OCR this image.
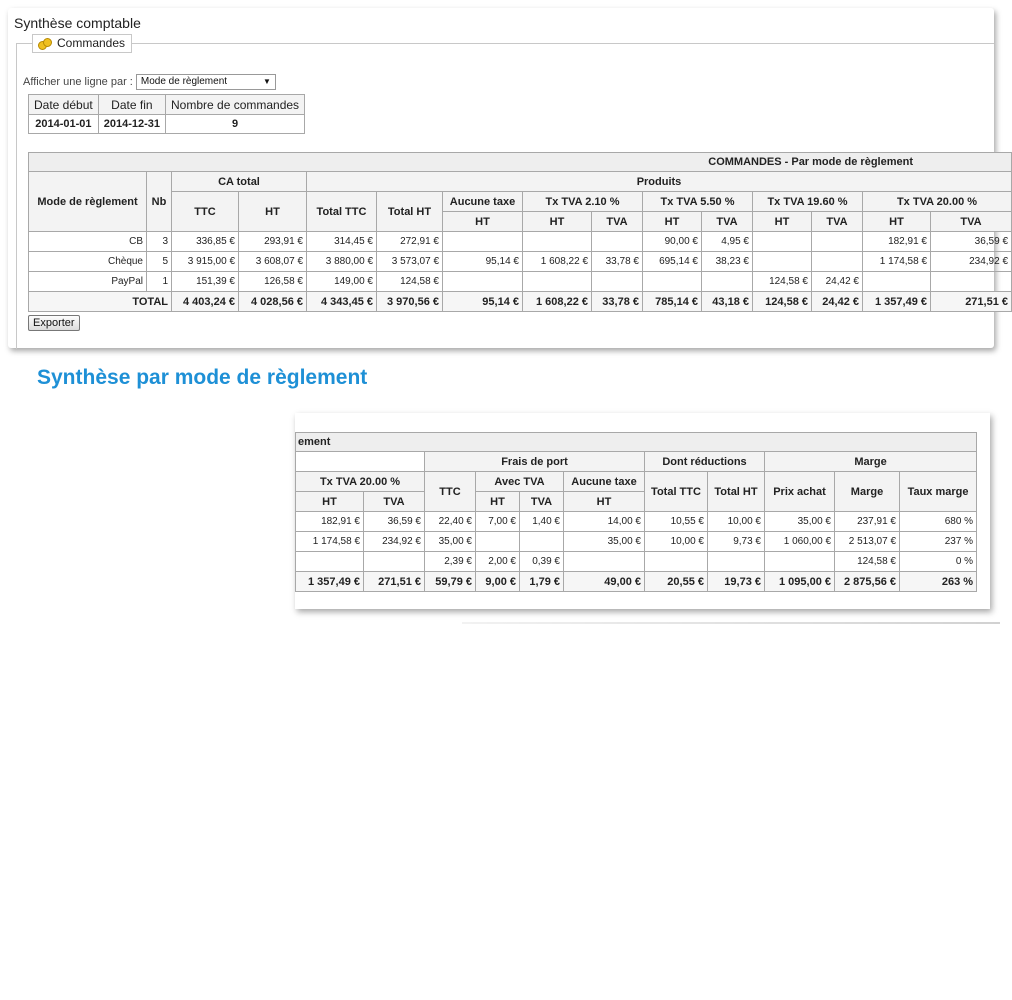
Synthèse comptable
Commandes
Afficher une ligne par : Mode de règlement	▼
Date début	Date fin	Nombre de commandes
2014-01-01	2014-12-31	9
COMMANDES - Par mode de règlement														
Mode de règlement	Nb	CA total		Produits										
		TTC	HT	Total TTC	Total HT	Aucune taxe	Tx TVA 2.10 %		Tx TVA 5.50 %		Tx TVA 19.60 %		Tx TVA 20.00 %	
						HT	HT	TVA	HT	TVA	HT	TVA	HT	TVA
CB	3	336,85 €	293,91 €	314,45 €	272,91 €				90,00 €	4,95 €			182,91 €	36,59 €
Chèque	5	3 915,00 €	3 608,07 €	3 880,00 €	3 573,07 €	95,14 €	1 608,22 €	33,78 €	695,14 €	38,23 €			1 174,58 €	234,92 €
PayPal	1	151,39 €	126,58 €	149,00 €	124,58 €						124,58 €	24,42 €		
TOTAL		4 403,24 €	4 028,56 €	4 343,45 €	3 970,56 €	95,14 €	1 608,22 €	33,78 €	785,14 €	43,18 €	124,58 €	24,42 €	1 357,49 €	271,51 €
Exporter
Synthèse par mode de règlement
ement										
		Frais de port				Dont réductions		Marge		
Tx TVA 20.00 %		TTC	Avec TVA		Aucune taxe	Total TTC	Total HT	Prix achat	Marge	Taux marge
HT	TVA		HT	TVA	HT					
182,91 €	36,59 €	22,40 €	7,00 €	1,40 €	14,00 €	10,55 €	10,00 €	35,00 €	237,91 €	680 %
1 174,58 €	234,92 €	35,00 €			35,00 €	10,00 €	9,73 €	1 060,00 €	2 513,07 €	237 %
		2,39 €	2,00 €	0,39 €					124,58 €	0 %
1 357,49 €	271,51 €	59,79 €	9,00 €	1,79 €	49,00 €	20,55 €	19,73 €	1 095,00 €	2 875,56 €	263 %
